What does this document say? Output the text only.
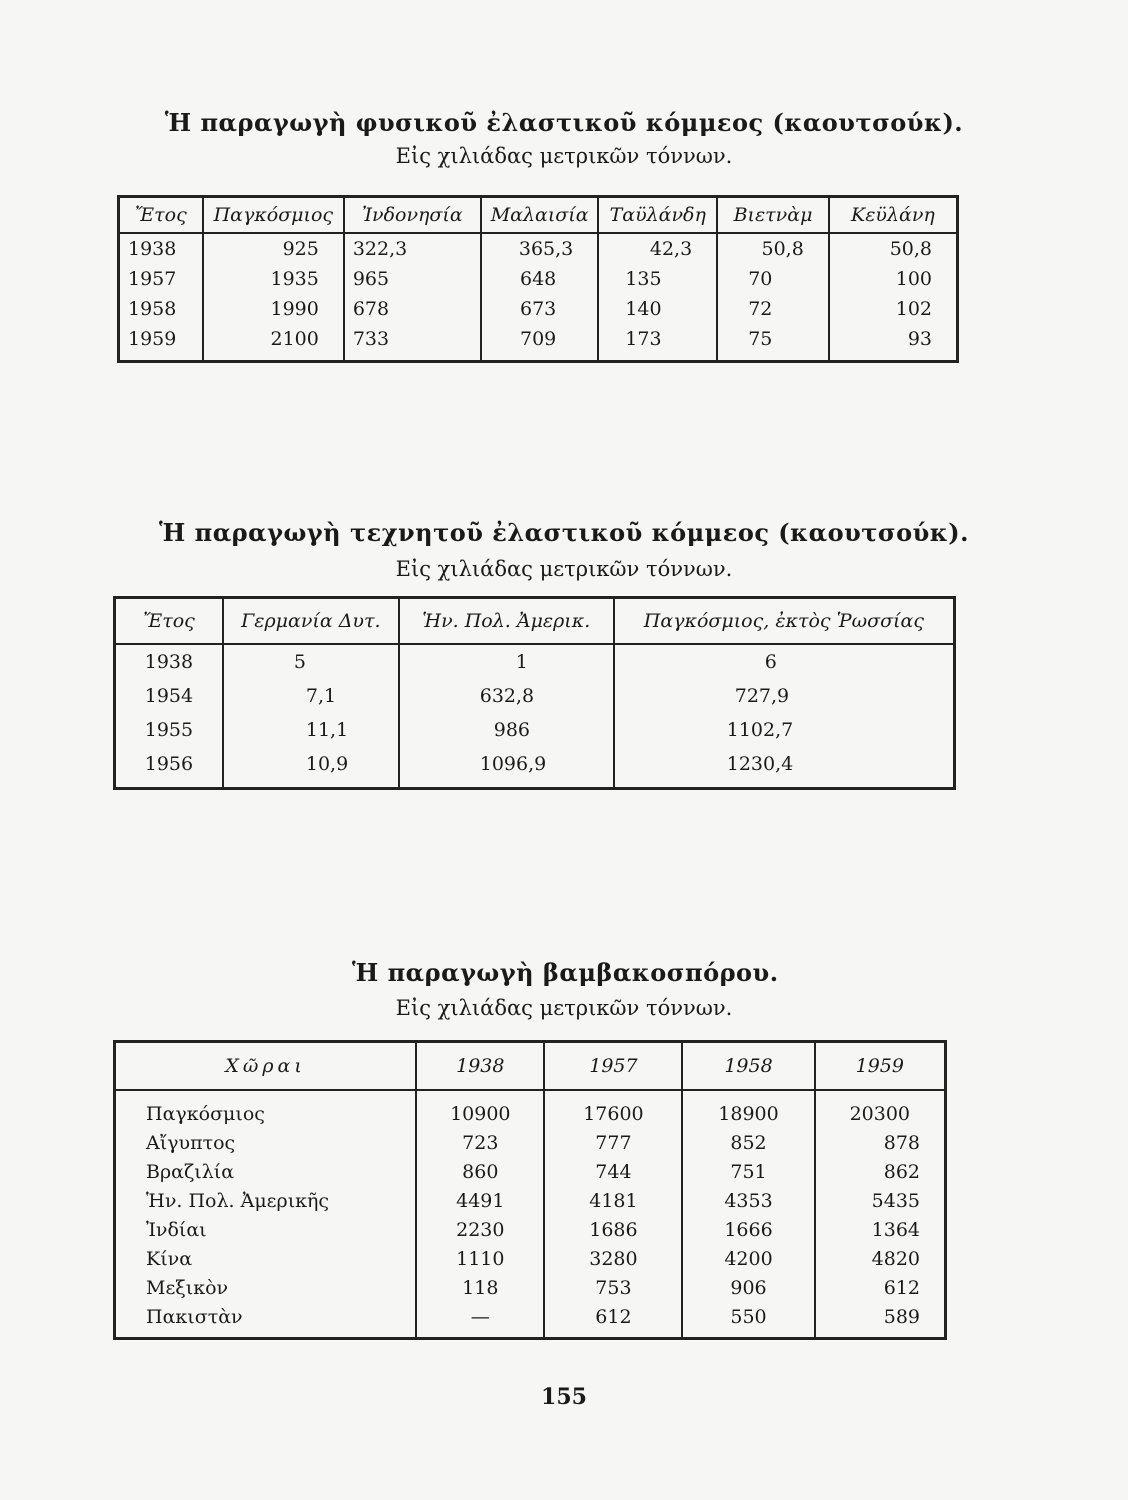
Ἡ παραγωγὴ φυσικοῦ ἐλαστικοῦ κόμμεος (καουτσούκ).
Εἰς χιλιάδας μετρικῶν τόννων.
Ἔτος	Παγκόσμιος	Ἰνδονησία	Μαλαισία	Ταϋλάνδη	Βιετνὰμ	Κεϋλάνη
1938	925	322,3	365,3	42,3	50,8	50,8
1957	1935	965	648	135	70	100
1958	1990	678	673	140	72	102
1959	2100	733	709	173	75	93
Ἡ παραγωγὴ τεχνητοῦ ἐλαστικοῦ κόμμεος (καουτσούκ).
Εἰς χιλιάδας μετρικῶν τόννων.
Ἔτος	Γερμανία Δυτ.	Ἡν. Πολ. Ἀμερικ.	Παγκόσμιος, ἐκτὸς Ῥωσσίας
1938	5	1	6
1954	7,1	632,8	727,9
1955	11,1	986	1102,7
1956	10,9	1096,9	1230,4
Ἡ παραγωγὴ βαμβακοσπόρου.
Εἰς χιλιάδας μετρικῶν τόννων.
Χῶραι	1938	1957	1958	1959
Παγκόσμιος	10900	17600	18900	20300
Αἴγυπτος	723	777	852	878
Βραζιλία	860	744	751	862
Ἡν. Πολ. Ἀμερικῆς	4491	4181	4353	5435
Ἰνδίαι	2230	1686	1666	1364
Κίνα	1110	3280	4200	4820
Μεξικὸν	118	753	906	612
Πακιστὰν	—	612	550	589
155
